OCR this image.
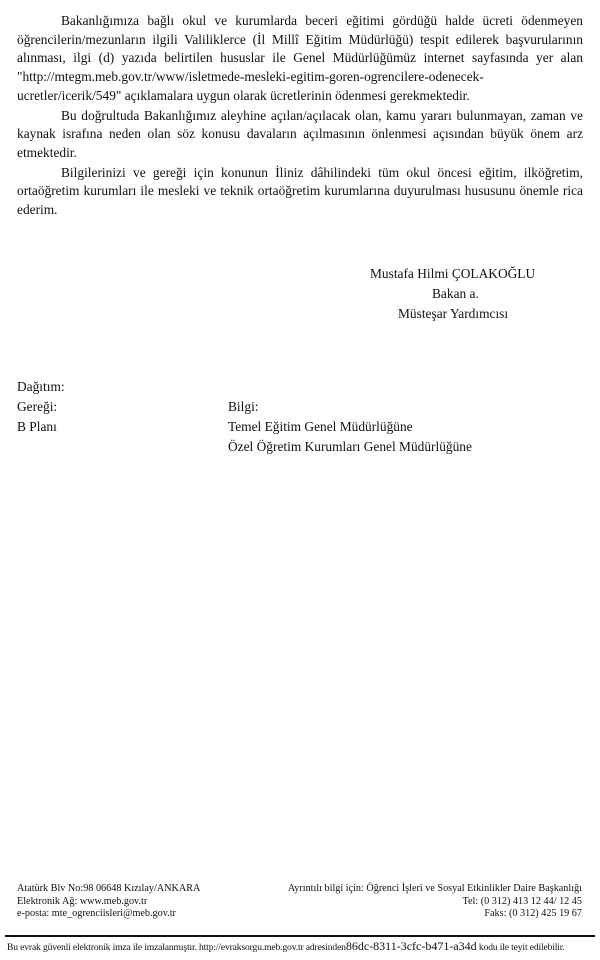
Bakanlığımıza bağlı okul ve kurumlarda beceri eğitimi gördüğü halde ücreti ödenmeyen öğrencilerin/mezunların ilgili Valiliklerce (İl Millî Eğitim Müdürlüğü) tespit edilerek başvurularının alınması, ilgi (d) yazıda belirtilen hususlar ile Genel Müdürlüğümüz internet sayfasında yer alan "http://mtegm.meb.gov.tr/www/isletmede-mesleki-egitim-goren-ogrencilere-odenecek-ucretler/icerik/549" açıklamalara uygun olarak ücretlerinin ödenmesi gerekmektedir.

Bu doğrultuda Bakanlığımız aleyhine açılan/açılacak olan, kamu yararı bulunmayan, zaman ve kaynak israfına neden olan söz konusu davaların açılmasının önlenmesi açısından büyük önem arz etmektedir.

Bilgilerinizi ve gereği için konunun İliniz dâhilindeki tüm okul öncesi eğitim, ilköğretim, ortaöğretim kurumları ile mesleki ve teknik ortaöğretim kurumlarına duyurulması hususunu önemle rica ederim.

Mustafa Hilmi ÇOLAKOĞLU
Bakan a.
Müsteşar Yardımcısı
Dağıtım:
Gereği:	Bilgi:
B Planı	Temel Eğitim Genel Müdürlüğüne
Özel Öğretim Kurumları Genel Müdürlüğüne
Atatürk Blv No:98 06648 Kızılay/ANKARA
Elektronik Ağ: www.meb.gov.tr
e-posta: mte_ogrenciisleri@meb.gov.tr
Ayrıntılı bilgi için: Öğrenci İşleri ve Sosyal Etkinlikler Daire Başkanlığı
Tel: (0 312) 413 12 44/ 12 45
Faks: (0 312) 425 19 67
Bu evrak güvenli elektronik imza ile imzalanmıştır. http://evraksorgu.meb.gov.tr adresinden86dc-8311-3cfc-b471-a34d kodu ile teyit edilebilir.
